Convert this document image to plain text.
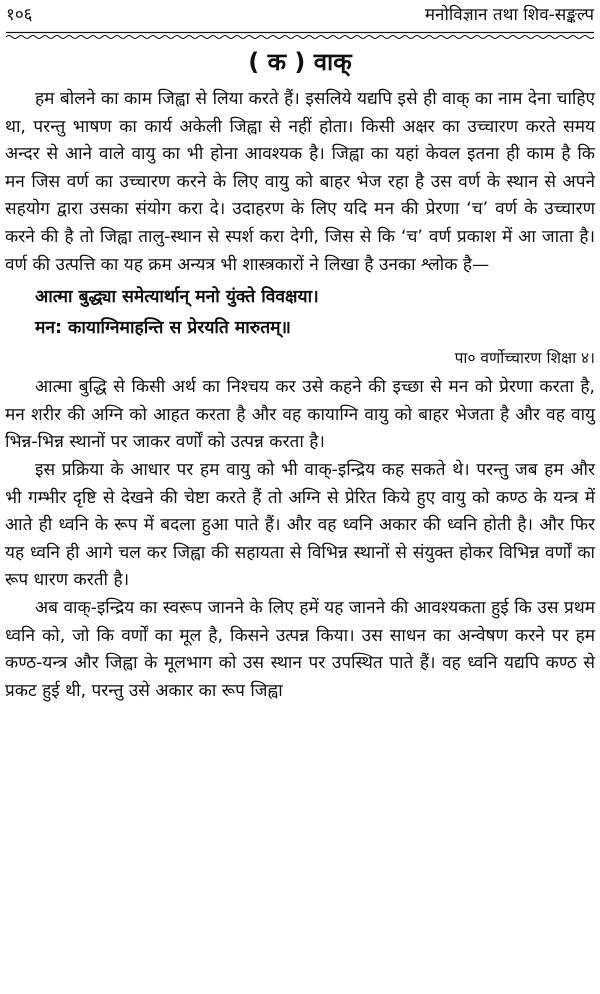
१०६	मनोविज्ञान तथा शिव-सङ्कल्प
( क ) वाक्

हम बोलने का काम जिह्वा से लिया करते हैं। इसलिये यद्यपि इसे ही वाक् का नाम देना चाहिए था, परन्तु भाषण का कार्य अकेली जिह्वा से नहीं होता। किसी अक्षर का उच्चारण करते समय अन्दर से आने वाले वायु का भी होना आवश्यक है। जिह्वा का यहां केवल इतना ही काम है कि मन जिस वर्ण का उच्चारण करने के लिए वायु को बाहर भेज रहा है उस वर्ण के स्थान से अपने सहयोग द्वारा उसका संयोग करा दे। उदाहरण के लिए यदि मन की प्रेरणा ‘च’ वर्ण के उच्चारण करने की है तो जिह्वा तालु-स्थान से स्पर्श करा देगी, जिस से कि ‘च’ वर्ण प्रकाश में आ जाता है। वर्ण की उत्पत्ति का यह क्रम अन्यत्र भी शास्त्रकारों ने लिखा है उनका श्लोक है—

आत्मा बुद्ध्या समेत्यार्थान् मनो युंक्ते विवक्षया।
मन: कायाग्निमाहन्ति स प्रेरयति मारुतम्॥
पा० वर्णोच्चारण शिक्षा ४।

आत्मा बुद्धि से किसी अर्थ का निश्चय कर उसे कहने की इच्छा से मन को प्रेरणा करता है, मन शरीर की अग्नि को आहत करता है और वह कायाग्नि वायु को बाहर भेजता है और वह वायु भिन्न-भिन्न स्थानों पर जाकर वर्णों को उत्पन्न करता है।

इस प्रक्रिया के आधार पर हम वायु को भी वाक्-इन्द्रिय कह सकते थे। परन्तु जब हम और भी गम्भीर दृष्टि से देखने की चेष्टा करते हैं तो अग्नि से प्रेरित किये हुए वायु को कण्ठ के यन्त्र में आते ही ध्वनि के रूप में बदला हुआ पाते हैं। और वह ध्वनि अकार की ध्वनि होती है। और फिर यह ध्वनि ही आगे चल कर जिह्वा की सहायता से विभिन्न स्थानों से संयुक्त होकर विभिन्न वर्णों का रूप धारण करती है।

अब वाक्-इन्द्रिय का स्वरूप जानने के लिए हमें यह जानने की आवश्यकता हुई कि उस प्रथम ध्वनि को, जो कि वर्णों का मूल है, किसने उत्पन्न किया। उस साधन का अन्वेषण करने पर हम कण्ठ-यन्त्र और जिह्वा के मूलभाग को उस स्थान पर उपस्थित पाते हैं। वह ध्वनि यद्यपि कण्ठ से प्रकट हुई थी, परन्तु उसे अकार का रूप जिह्वा
